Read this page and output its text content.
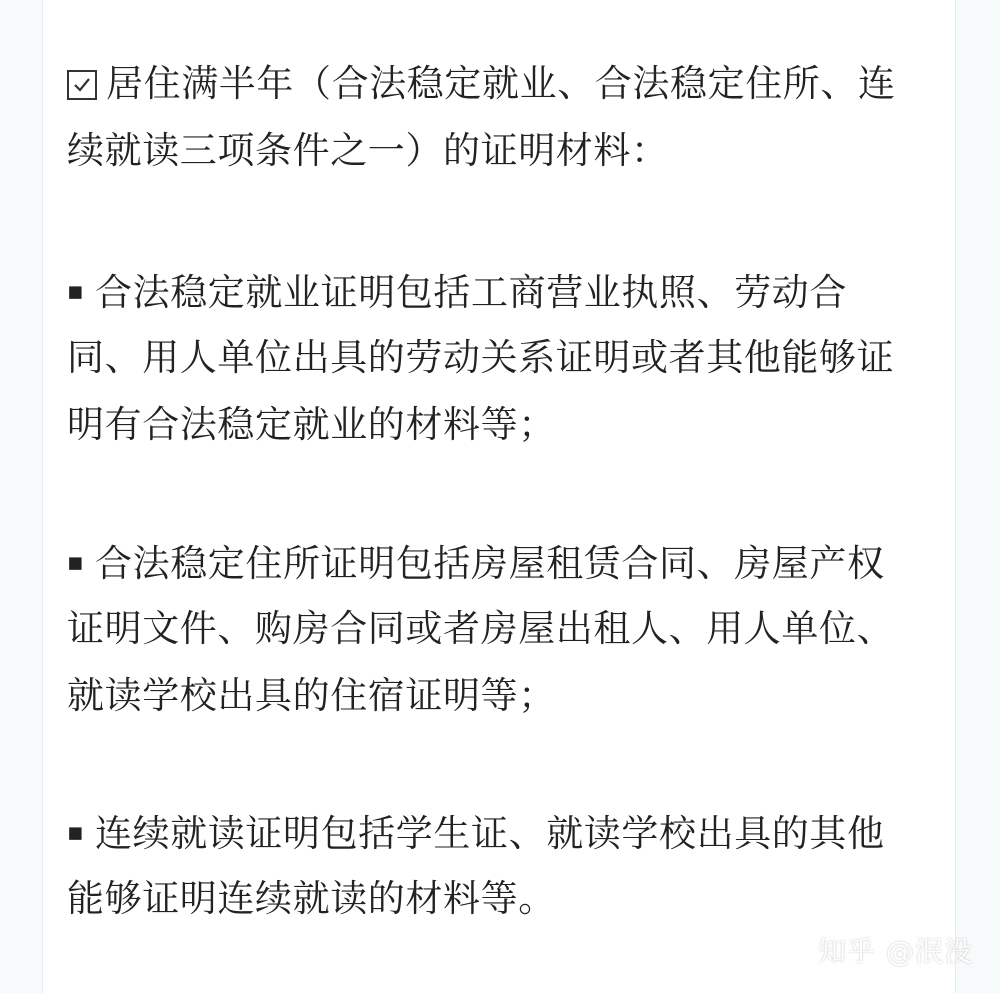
居住满半年（合法稳定就业、合法稳定住所、连
续就读三项条件之一）的证明材料：
▪ 合法稳定就业证明包括工商营业执照、劳动合
同、用人单位出具的劳动关系证明或者其他能够证
明有合法稳定就业的材料等；
▪ 合法稳定住所证明包括房屋租赁合同、房屋产权
证明文件、购房合同或者房屋出租人、用人单位、
就读学校出具的住宿证明等；
▪ 连续就读证明包括学生证、就读学校出具的其他
能够证明连续就读的材料等。
知乎 @泯没
